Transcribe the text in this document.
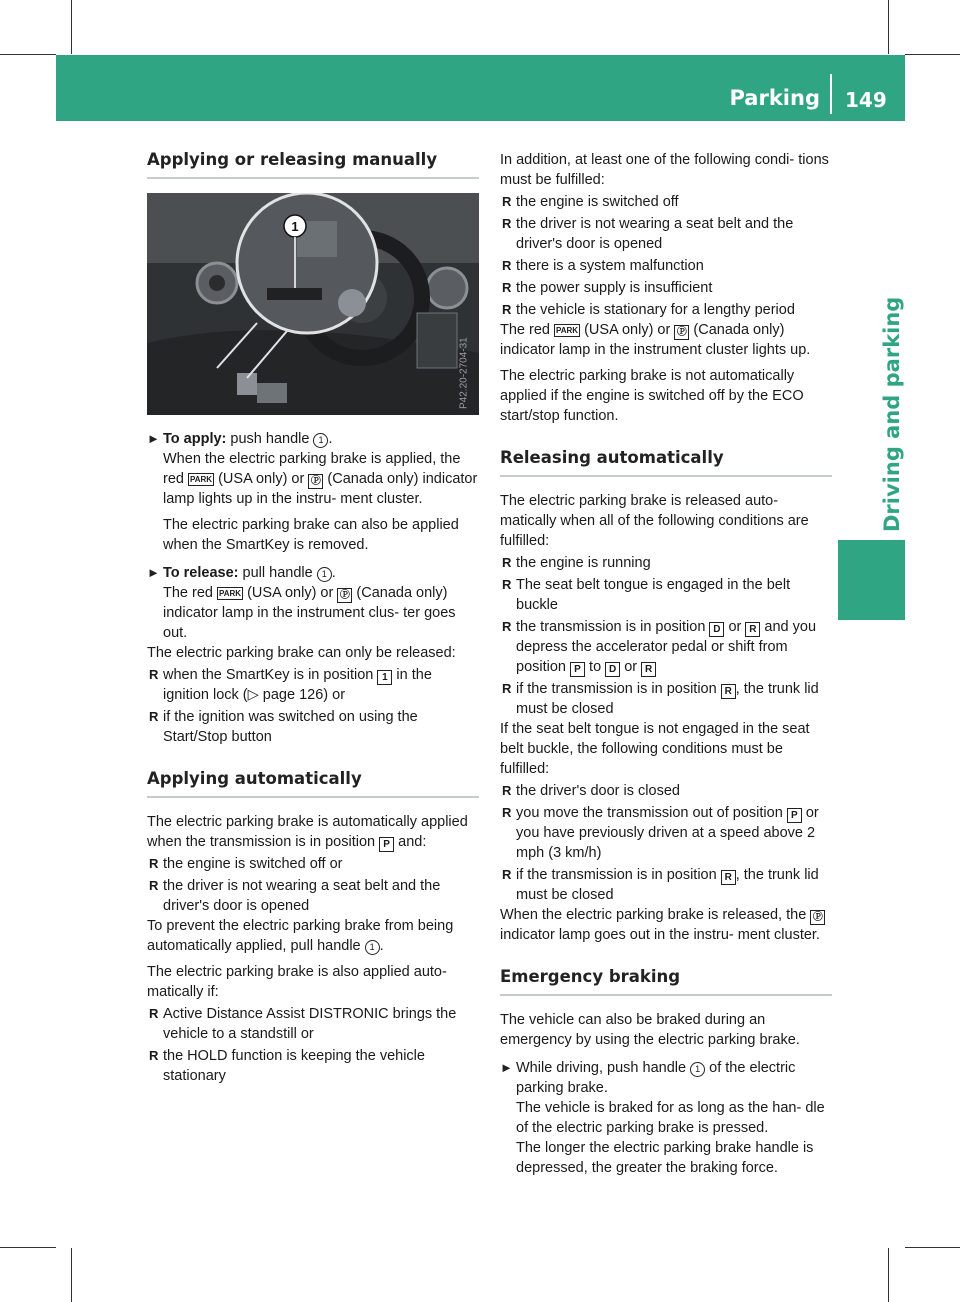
Parking 149
Driving and parking
Applying or releasing manually
1
P42.20-2704-31
► To apply: push handle 1 .
When the electric parking brake is applied, the red PARK (USA only) or Ⓟ (Canada only) indicator lamp lights up in the instru- ment cluster.

The electric parking brake can also be applied when the SmartKey is removed.

► To release: pull handle 1 .
The red PARK (USA only) or Ⓟ (Canada only) indicator lamp in the instrument clus- ter goes out.

The electric parking brake can only be released:

R when the SmartKey is in position 1 in the ignition lock (▷ page 126) or
R if the ignition was switched on using the Start/Stop button
Applying automatically

The electric parking brake is automatically applied when the transmission is in position P and:

R the engine is switched off or
R the driver is not wearing a seat belt and the driver's door is opened

To prevent the electric parking brake from being automatically applied, pull handle 1 .

The electric parking brake is also applied auto- matically if:

R Active Distance Assist DISTRONIC brings the vehicle to a standstill or
R the HOLD function is keeping the vehicle stationary

In addition, at least one of the following condi- tions must be fulfilled:

R the engine is switched off
R the driver is not wearing a seat belt and the driver's door is opened
R there is a system malfunction
R the power supply is insufficient
R the vehicle is stationary for a lengthy period

The red PARK (USA only) or Ⓟ (Canada only) indicator lamp in the instrument cluster lights up.

The electric parking brake is not automatically applied if the engine is switched off by the ECO start/stop function.

Releasing automatically

The electric parking brake is released auto- matically when all of the following conditions are fulfilled:

R the engine is running
R The seat belt tongue is engaged in the belt buckle
R the transmission is in position D or R and you depress the accelerator pedal or shift from position P to D or R
R if the transmission is in position R , the trunk lid must be closed

If the seat belt tongue is not engaged in the seat belt buckle, the following conditions must be fulfilled:

R the driver's door is closed
R you move the transmission out of position P or you have previously driven at a speed above 2 mph (3 km/h)
R if the transmission is in position R , the trunk lid must be closed

When the electric parking brake is released, the Ⓟ indicator lamp goes out in the instru- ment cluster.

Emergency braking

The vehicle can also be braked during an emergency by using the electric parking brake.

► While driving, push handle 1 of the electric parking brake.

The vehicle is braked for as long as the han- dle of the electric parking brake is pressed.

The longer the electric parking brake handle is depressed, the greater the braking force.
